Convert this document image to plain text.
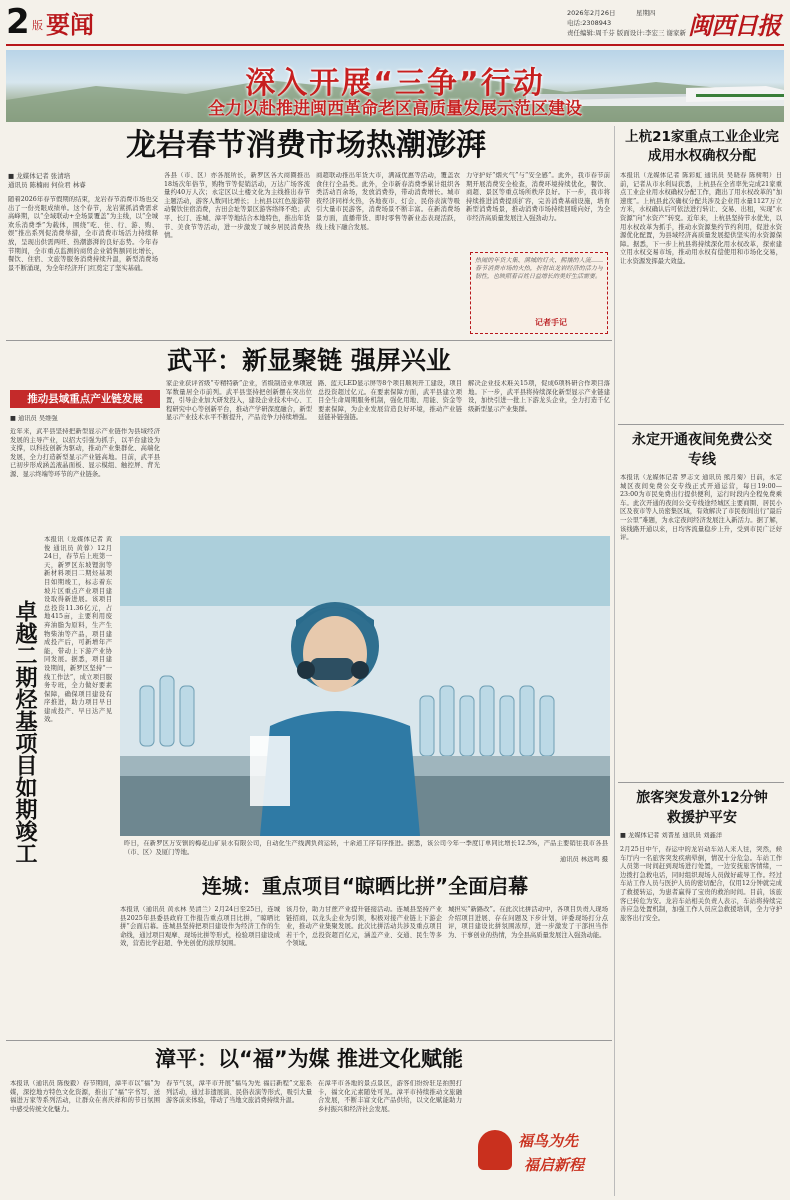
2 版 要闻	2026年2月26日	星期四
电话:2308943
责任编辑:周千芬 版面设计:李宏三 谢家新 闽西日报
深入开展“三争”行动
全力以赴推进闽西革命老区高质量发展示范区建设
龙岩春节消费市场热潮澎湃
■ 龙媒体记者 张清培
通讯员 陈楠雨 何俭君 林睿
随着2026年春节假期的结束，龙岩春节消费市场也交出了一份亮眼成绩单。这个春节，龙岩紧抓消费需求高峰期，以“全域联动+全场景覆盖”为主线，以“全城欢乐消费季”为载体，围绕“吃、住、行、游、购、娱”推出系列促消费举措，全市消费市场活力持续释放，呈现出供需两旺、热潮澎湃的良好态势。今年春节期间，全市重点监测的商贸企业销售额同比增长，餐饮、住宿、文旅等服务消费持续升温，新型消费场景不断涌现，为全年经济开门红奠定了坚实基础。
各县（市、区）亦各展所长，新罗区各大商圈推出18场次年俗节，购物节等促销活动，万达广场客流量约40万人次；永定区以土楼文化为主线推出春节主题活动，游客人数同比增长；上杭县以红色旅游带动餐饮住宿消费，古田会址等景区游客络绎不绝；武平、长汀、连城、漳平等地结合本地特色，推出年货节、美食节等活动，进一步激发了城乡居民消费热情。
商超联动推出年货大市，满减优惠等活动，覆盖农食住行全品类。此外，全市新春消费季累计组织各类活动百余场，发放消费券，带动消费增长。城市夜经济同样火热，各地夜市、灯会、民俗表演等吸引大量市民游客，消费场景不断丰富。在新消费场景方面，直播带货、即时零售等新业态表现活跃，线上线下融合发展。
力守护好“烟火气”与“安全感”。此外，我市春节前期开展消费安全检查，消费环境持续优化，餐饮、商超、景区等重点场所秩序良好。下一步，我市将持续推进消费提质扩容，完善消费基础设施，培育新型消费场景，推动消费市场持续回暖向好，为全市经济高质量发展注入强劲动力。
热闹的年货大集、满城的灯火、熙攘的人流……春节消费市场的火热，折射出龙岩经济的活力与韧性，也映照着百姓日益增长的美好生活需要。
记者手记
武平：新显聚链 强屏兴业
推动县域重点产业链发展
■ 通讯员 吴维强
近年来，武平县坚持把新型显示产业链作为县域经济发展的主导产业，以招大引强为抓手，以平台建设为支撑，以科技创新为驱动，推动产业集群化、高端化发展，全力打造新型显示产业链高地。目前，武平县已初步形成涵盖液晶面板、显示模组、触控屏、背光源、显示终端等环节的产业链条。
家企业获评省级“专精特新”企业，省级制造业单项冠军数量居全市前列。武平县坚持把创新摆在突出位置，引导企业加大研发投入，建设企业技术中心、工程研究中心等创新平台，推动产学研深度融合，新型显示产业技术水平不断提升，产品竞争力持续增强。
路、蓝天LED显示屏等8个项目顺利开工建设，项目总投资超过亿元。在要素保障方面，武平县建立项目全生命周期服务机制，强化用地、用能、资金等要素保障，为企业发展营造良好环境，推动产业链延链补链强链。
解决企业技术难关15项，促成6项科研合作项目落地。下一步，武平县将持续深化新型显示产业链建设，加快引进一批上下游龙头企业，全力打造千亿级新型显示产业集群。
卓越二期烃基项目如期竣工
本报讯（龙媒体记者 黄俊 通讯员 黄蓉）12月24日，春节后上班第一天，新罗区东坡锂润等新材料项目二期烃基项目如期竣工，标志着东坡片区重点产业项目建设取得新进展。该项目总投资11.36亿元，占地415亩，主要利用废弃油脂为原料，生产生物柴油等产品，项目建成投产后，可新增年产能，带动上下游产业协同发展。据悉，项目建设期间，新罗区坚持“一线工作法”，成立项目服务专班，全力做好要素保障，确保项目建设有序推进，助力项目早日建成投产、早日达产见效。
昨日，在新罗区万安镇的梅花山矿泉水有限公司，自动化生产线满负荷运转，十余道工序有序推进。据悉，该公司今年一季度订单同比增长12.5%，产品主要销往我市各县（市、区）及厦门等地。
通讯员 林远鸣 摄
连城：重点项目“晾晒比拼”全面启幕
本报讯（通讯员 黄永林 吴清兰）2月24日至25日，连城县2025年县委县政府工作报告重点项目比拼，“晾晒比拼”会面启幕。连城县坚持把项目建设作为经济工作的生命线，通过项目观摩、现场比拼等形式，检验项目建设成效，营造比学赶超、争先创优的浓厚氛围。
该月份，助力甘蔗产业提升链接活动。连城县坚持产业链招商，以龙头企业为引领，积极对接产业链上下游企业，推动产业集聚发展。此次比拼活动共涉及重点项目若干个，总投资超百亿元，涵盖产业、交通、民生等多个领域。
城担实“新路改”。在此次比拼活动中，各项目负责人现场介绍项目进展、存在问题及下步计划，评委现场打分点评，项目建设比拼氛围浓厚，进一步激发了干部担当作为、干事创业的热情，为全县高质量发展注入强劲动能。
漳平：以“福”为媒 推进文化赋能
本报讯（通讯员 陈俊毅）春节期间，漳平市以“福”为媒，深挖地方特色文化资源，推出了“福”字书写、送福进万家等系列活动，让群众在喜庆祥和的节日氛围中感受传统文化魅力。
春节气氛，漳平市开展“福鸟为先 福启新程”文旅系列活动，通过非遗展演、民俗表演等形式，吸引大量游客前来体验，带动了当地文旅消费持续升温。
在漳平市各地的景点景区，游客们纷纷驻足拍照打卡，福文化元素随处可见。漳平市持续推动文旅融合发展，不断丰富文化产品供给，以文化赋能助力乡村振兴和经济社会发展。
福鸟为先
福启新程
上杭21家重点工业企业完成用水权确权分配
本报讯（龙媒体记者 陈彩虹 通讯员 吴晓春 陈树明）日前，记者从市水利局获悉，上杭县在全省率先完成21家重点工业企业用水权确权分配工作，跑出了用水权改革的“加速度”。上杭县此次确权分配共涉及企业用水量1127万立方米，水权确认后可依法进行转让、交易、出租，实现“水资源”向“水资产”转变。近年来，上杭县坚持节水优先，以用水权改革为抓手，推动水资源集约节约利用，促进水资源优化配置，为县域经济高质量发展提供坚实的水资源保障。据悉，下一步上杭县将持续深化用水权改革，探索建立用水权交易市场，推动用水权有偿使用和市场化交易，让水资源发挥最大效益。
永定开通夜间免费公交专线
本报讯（龙媒体记者 罗志文 通讯员 熊月菊）日前，永定城区夜间免费公交专线正式开通运营，每日19:00—23:00为市民免费出行提供便利，运行时段内全程免费乘车。此次开通的夜间公交专线途经城区主要商圈、居民小区及夜市等人员密集区域，有效解决了市民夜间出行“最后一公里”难题，为永定夜间经济发展注入新活力。据了解，该线路开通以来，日均客流量稳步上升，受到市民广泛好评。
旅客突发意外12分钟救援护平安
■ 龙媒体记者 刘晋星 通讯员 刘鑫洋
2月25日中午，春运中的龙岩动车站人来人往，突然，候车厅内一名旅客突发疾病晕倒，情况十分危急。车站工作人员第一时间赶到现场进行处置，一边安抚旅客情绪，一边拨打急救电话，同时组织现场人员做好疏导工作。经过车站工作人员与医护人员的密切配合，仅用12分钟就完成了救援转运，为患者赢得了宝贵的救治时间。目前，该旅客已转危为安。龙岩车站相关负责人表示，车站将持续完善应急处置机制，加强工作人员应急救援培训，全力守护旅客出行安全。
